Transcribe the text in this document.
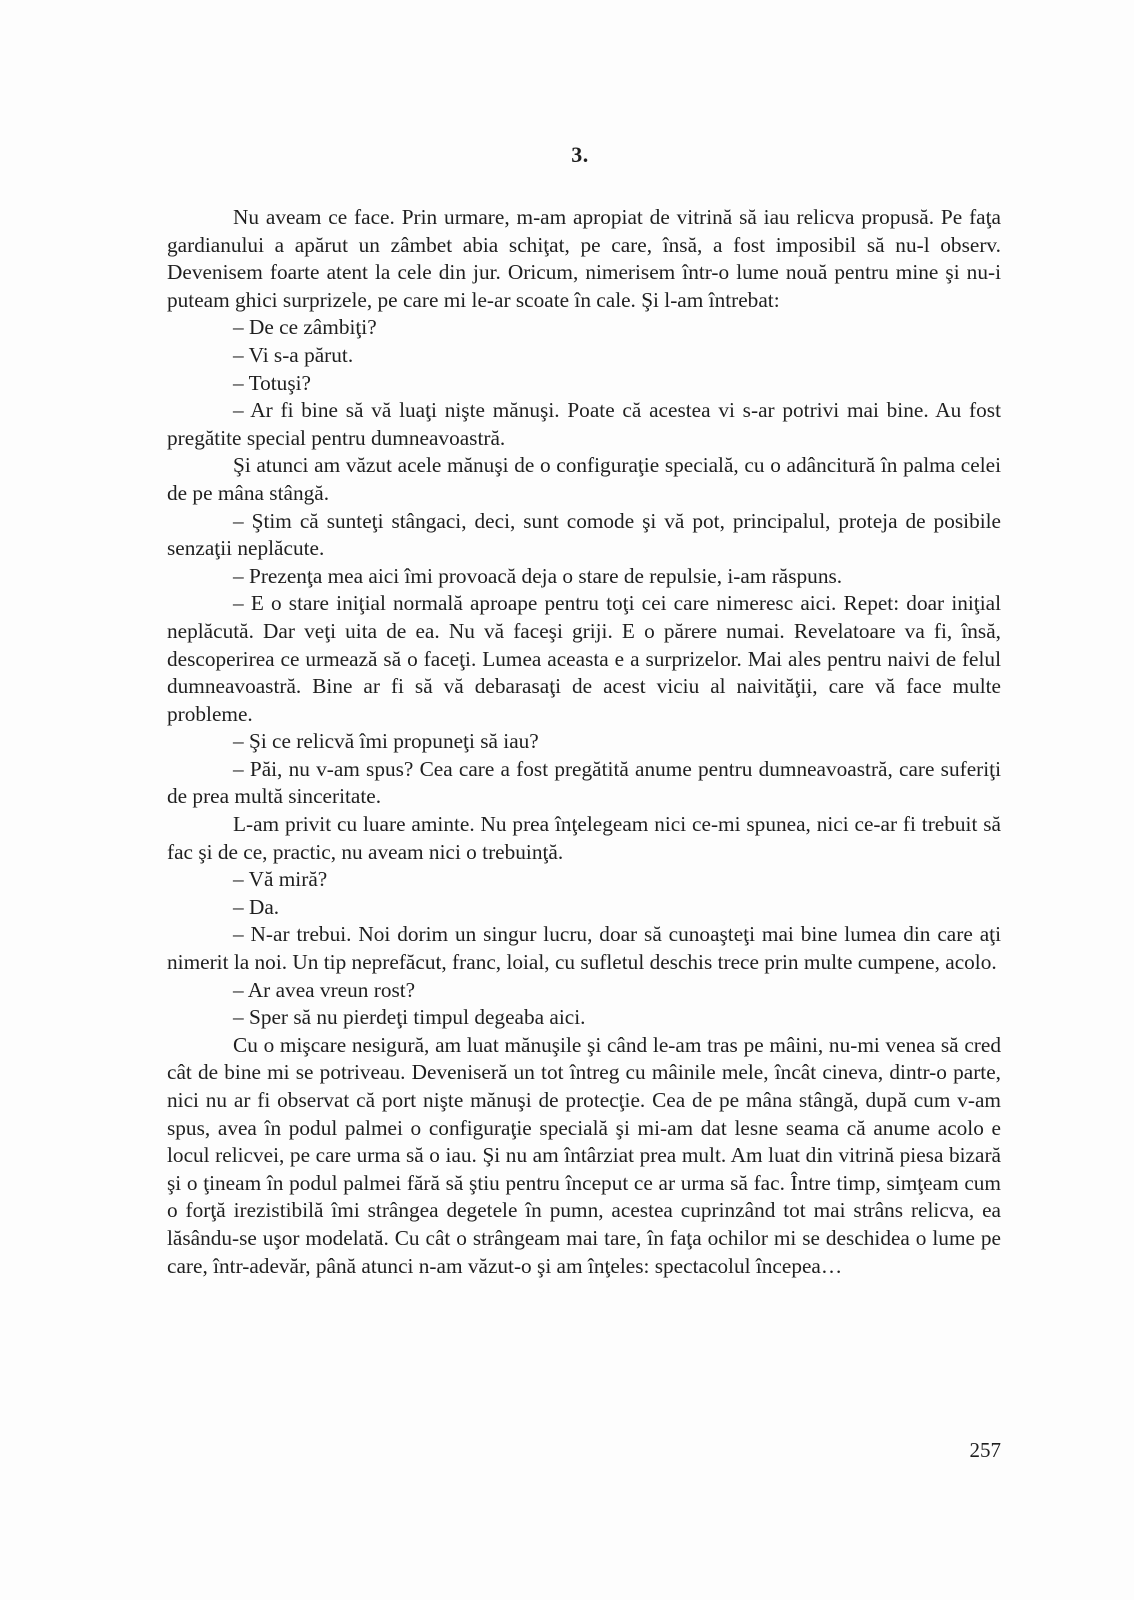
3.

Nu aveam ce face. Prin urmare, m-am apropiat de vitrină să iau relicva propusă. Pe faţa gardianului a apărut un zâmbet abia schiţat, pe care, însă, a fost imposibil să nu-l observ. Devenisem foarte atent la cele din jur. Oricum, nimerisem într-o lume nouă pentru mine şi nu-i puteam ghici surprizele, pe care mi le-ar scoate în cale. Şi l-am întrebat:

– De ce zâmbiţi?

– Vi s-a părut.

– Totuşi?

– Ar fi bine să vă luaţi nişte mănuşi. Poate că acestea vi s-ar potrivi mai bine. Au fost pregătite special pentru dumneavoastră.

Şi atunci am văzut acele mănuşi de o configuraţie specială, cu o adâncitură în palma celei de pe mâna stângă.

– Ştim că sunteţi stângaci, deci, sunt comode şi vă pot, principalul, proteja de posibile senzaţii neplăcute.

– Prezenţa mea aici îmi provoacă deja o stare de repulsie, i-am răspuns.

– E o stare iniţial normală aproape pentru toţi cei care nimeresc aici. Repet: doar iniţial neplăcută. Dar veţi uita de ea. Nu vă faceşi griji. E o părere numai. Revelatoare va fi, însă, descoperirea ce urmează să o faceţi. Lumea aceasta e a surprizelor. Mai ales pentru naivi de felul dumneavoastră. Bine ar fi să vă debarasaţi de acest viciu al naivităţii, care vă face multe probleme.

– Şi ce relicvă îmi propuneţi să iau?

– Păi, nu v-am spus? Cea care a fost pregătită anume pentru dumneavoastră, care suferiţi de prea multă sinceritate.

L-am privit cu luare aminte. Nu prea înţelegeam nici ce-mi spunea, nici ce-ar fi trebuit să fac şi de ce, practic, nu aveam nici o trebuinţă.

– Vă miră?

– Da.

– N-ar trebui. Noi dorim un singur lucru, doar să cunoaşteţi mai bine lumea din care aţi nimerit la noi. Un tip neprefăcut, franc, loial, cu sufletul deschis trece prin multe cumpene, acolo.

– Ar avea vreun rost?

– Sper să nu pierdeţi timpul degeaba aici.

Cu o mişcare nesigură, am luat mănuşile şi când le-am tras pe mâini, nu-mi venea să cred cât de bine mi se potriveau. Deveniseră un tot întreg cu mâinile mele, încât cineva, dintr-o parte, nici nu ar fi observat că port nişte mănuşi de protecţie. Cea de pe mâna stângă, după cum v-am spus, avea în podul palmei o configuraţie specială şi mi-am dat lesne seama că anume acolo e locul relicvei, pe care urma să o iau. Şi nu am întârziat prea mult. Am luat din vitrină piesa bizară şi o ţineam în podul palmei fără să ştiu pentru început ce ar urma să fac. Între timp, simţeam cum o forţă irezistibilă îmi strângea degetele în pumn, acestea cuprinzând tot mai strâns relicva, ea lăsându-se uşor modelată. Cu cât o strângeam mai tare, în faţa ochilor mi se deschidea o lume pe care, într-adevăr, până atunci n-am văzut-o şi am înţeles: spectacolul începea…

257
